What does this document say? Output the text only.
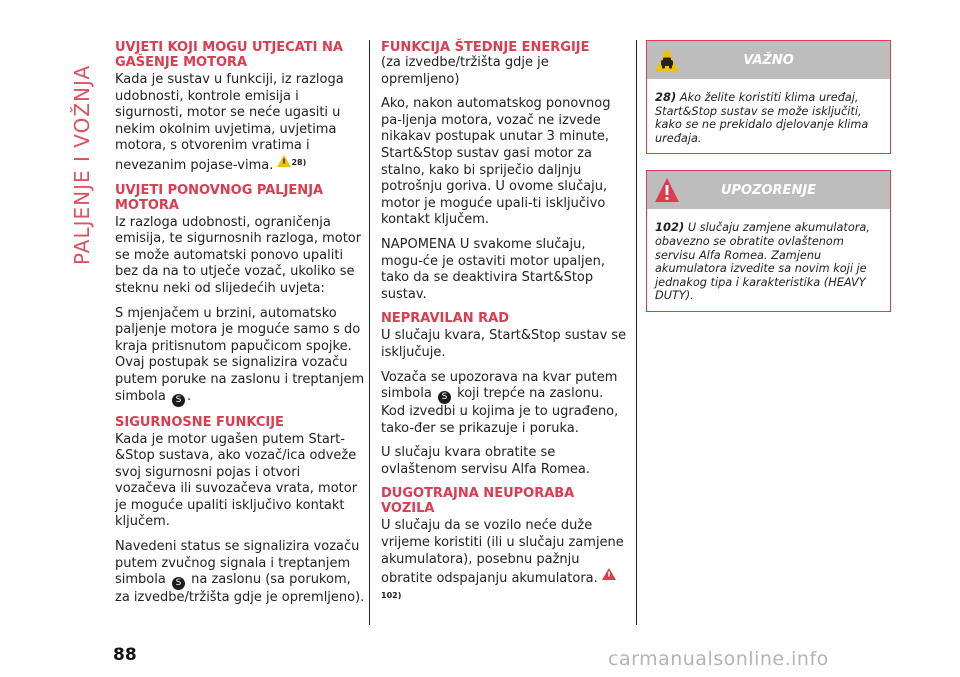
PALJENJE I VOŽNJA
UVJETI KOJI MOGU UTJECATI NA GAŠENJE MOTORA

Kada je sustav u funkciji, iz razloga udobnosti, kontrole emisija i sigurnosti, motor se neće ugasiti u nekim okolnim uvjetima, uvjetima motora, s otvorenim vratima i nevezanim pojase-vima. $^{28)}$

UVJETI PONOVNOG PALJENJA MOTORA

Iz razloga udobnosti, ograničenja emisija, te sigurnosnih razloga, motor se može automatski ponovo upaliti bez da na to utječe vozač, ukoliko se steknu neki od slijedećih uvjeta:

S mjenjačem u brzini, automatsko paljenje motora je moguće samo s do kraja pritisnutom papučicom spojke. Ovaj postupak se signalizira vozaču putem poruke na zaslonu i treptanjem simbola S .

SIGURNOSNE FUNKCIJE

Kada je motor ugašen putem Start-&Stop sustava, ako vozač/ica odveže svoj sigurnosni pojas i otvori vozačeva ili suvozačeva vrata, motor je moguće upaliti isključivo kontakt ključem.

Navedeni status se signalizira vozaču putem zvučnog signala i treptanjem simbola S na zaslonu (sa porukom, za izvedbe/tržišta gdje je opremljeno).

FUNKCIJA ŠTEDNJE ENERGIJE

(za izvedbe/tržišta gdje je opremljeno)

Ako, nakon automatskog ponovnog pa-ljenja motora, vozač ne izvede nikakav postupak unutar 3 minute, Start&Stop sustav gasi motor za stalno, kako bi spriječio daljnju potrošnju goriva. U ovome slučaju, motor je moguće upali-ti isključivo kontakt ključem.

NAPOMENA U svakome slučaju, mogu-će je ostaviti motor upaljen, tako da se deaktivira Start&Stop sustav.

NEPRAVILAN RAD

U slučaju kvara, Start&Stop sustav se isključuje.

Vozača se upozorava na kvar putem simbola S koji trepće na zaslonu. Kod izvedbi u kojima je to ugrađeno, tako-đer se prikazuje i poruka.

U slučaju kvara obratite se ovlaštenom servisu Alfa Romea.

DUGOTRAJNA NEUPORABA VOZILA

U slučaju da se vozilo neće duže vrijeme koristiti (ili u slučaju zamjene akumulatora), posebnu pažnju obratite odspajanju akumulatora. $^{102)}$

VAŽNO
28) Ako želite koristiti klima uređaj, Start&Stop sustav se može isključiti, kako se ne prekidalo djelovanje klima uređaja.
UPOZORENJE
102) U slučaju zamjene akumulatora, obavezno se obratite ovlaštenom servisu Alfa Romea. Zamjenu akumulatora izvedite sa novim koji je jednakog tipa i karakteristika (HEAVY DUTY).
88	carmanualsonline.info
